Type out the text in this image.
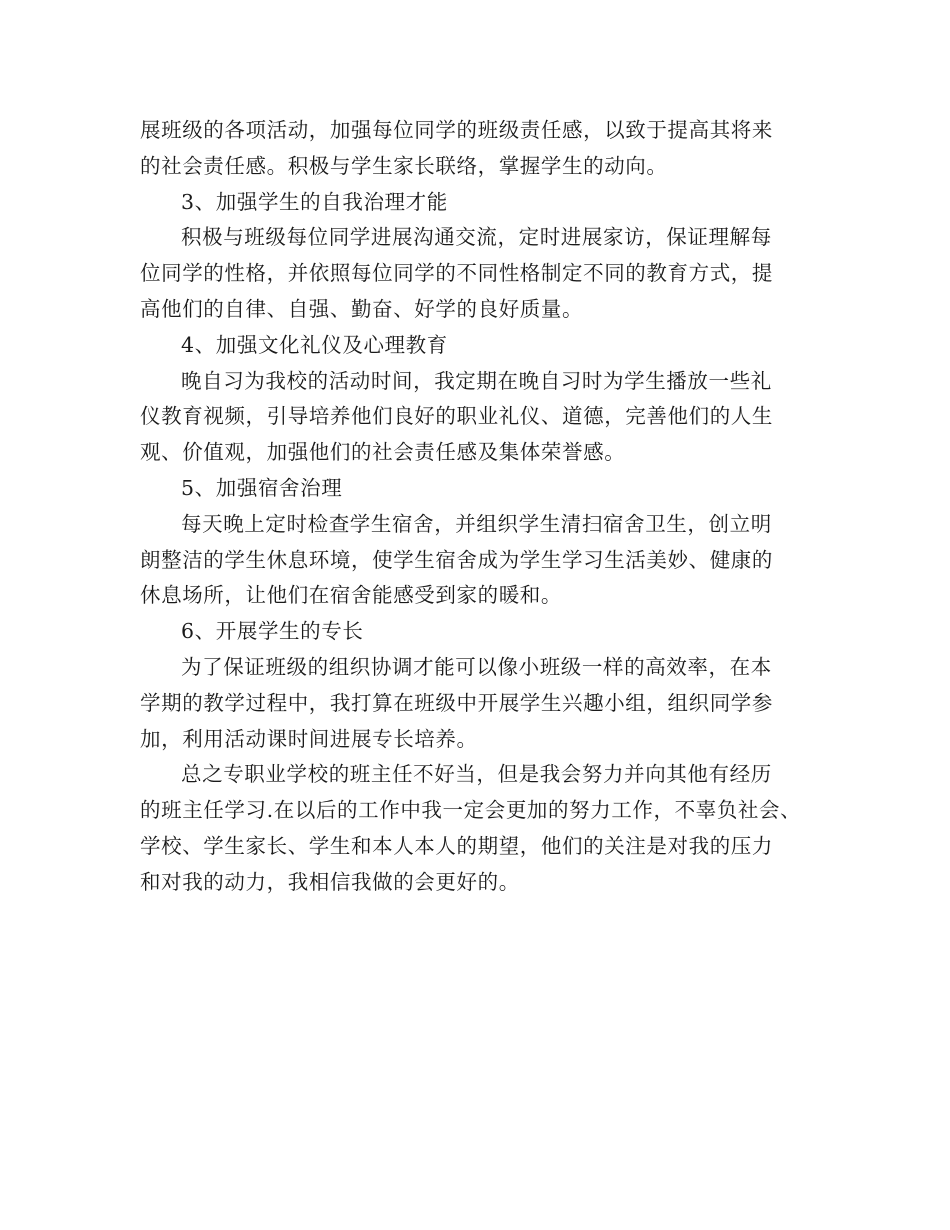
展班级的各项活动，加强每位同学的班级责任感，以致于提高其将来
的社会责任感。积极与学生家长联络，掌握学生的动向。
3、加强学生的自我治理才能
积极与班级每位同学进展沟通交流，定时进展家访，保证理解每
位同学的性格，并依照每位同学的不同性格制定不同的教育方式，提
高他们的自律、自强、勤奋、好学的良好质量。
4、加强文化礼仪及心理教育
晚自习为我校的活动时间，我定期在晚自习时为学生播放一些礼
仪教育视频，引导培养他们良好的职业礼仪、道德，完善他们的人生
观、价值观，加强他们的社会责任感及集体荣誉感。
5、加强宿舍治理
每天晚上定时检查学生宿舍，并组织学生清扫宿舍卫生，创立明
朗整洁的学生休息环境，使学生宿舍成为学生学习生活美妙、健康的
休息场所，让他们在宿舍能感受到家的暖和。
6、开展学生的专长
为了保证班级的组织协调才能可以像小班级一样的高效率，在本
学期的教学过程中，我打算在班级中开展学生兴趣小组，组织同学参
加，利用活动课时间进展专长培养。
总之专职业学校的班主任不好当，但是我会努力并向其他有经历
的班主任学习.在以后的工作中我一定会更加的努力工作，不辜负社会、
学校、学生家长、学生和本人本人的期望，他们的关注是对我的压力
和对我的动力，我相信我做的会更好的。
